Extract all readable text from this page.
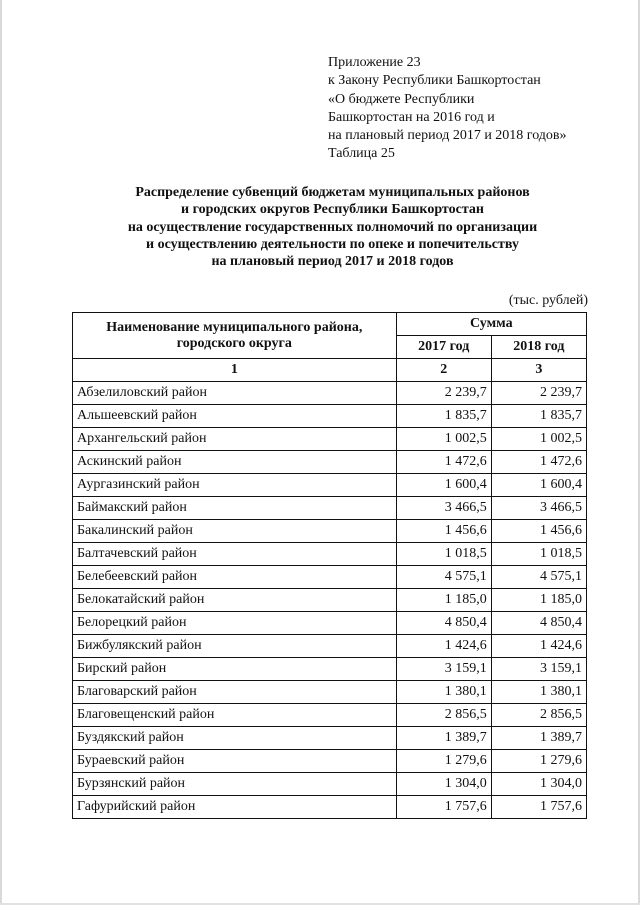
Приложение 23
к Закону Республики Башкортостан
«О бюджете Республики
Башкортостан на 2016 год и
на плановый период 2017 и 2018 годов»
Таблица 25
Распределение субвенций бюджетам муниципальных районов
и городских округов Республики Башкортостан
на осуществление государственных полномочий по организации
и осуществлению деятельности по опеке и попечительству
на плановый период 2017 и 2018 годов
(тыс. рублей)
Наименование муниципального района, городского округа	Сумма	
	2017 год	2018 год
1	2	3
Абзелиловский район	2 239,7	2 239,7
Альшеевский район	1 835,7	1 835,7
Архангельский район	1 002,5	1 002,5
Аскинский район	1 472,6	1 472,6
Аургазинский район	1 600,4	1 600,4
Баймакский район	3 466,5	3 466,5
Бакалинский район	1 456,6	1 456,6
Балтачевский район	1 018,5	1 018,5
Белебеевский район	4 575,1	4 575,1
Белокатайский район	1 185,0	1 185,0
Белорецкий район	4 850,4	4 850,4
Бижбулякский район	1 424,6	1 424,6
Бирский район	3 159,1	3 159,1
Благоварский район	1 380,1	1 380,1
Благовещенский район	2 856,5	2 856,5
Буздякский район	1 389,7	1 389,7
Бураевский район	1 279,6	1 279,6
Бурзянский район	1 304,0	1 304,0
Гафурийский район	1 757,6	1 757,6
